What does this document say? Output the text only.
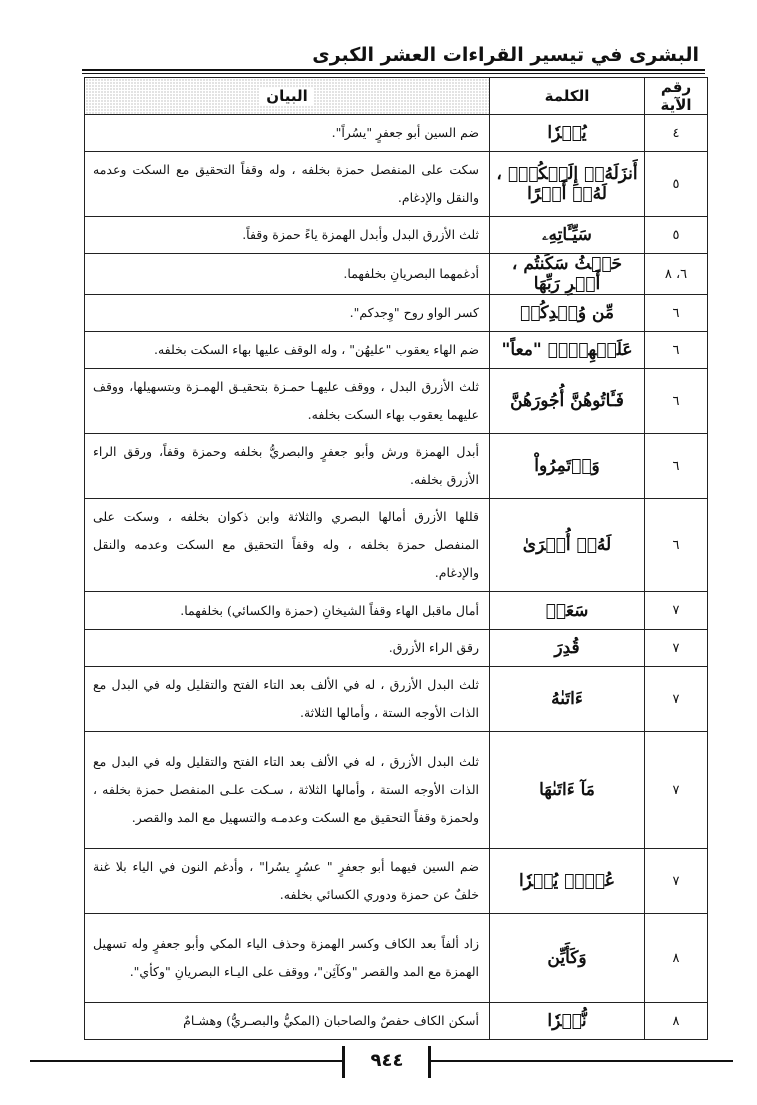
البشرى في تيسير القراءات العشر الكبرى
رقم الآية	الكلمة	البيان
٤	يُسۡرٗا	ضم السين أبو جعفرٍ "يسُراً".
٥	أَنزَلَهُۥٓ إِلَيۡكُمۡۚ ، لَهُۥٓ أَجۡرًا	سكت على المنفصل حمزة بخلفه ، وله وقفاً التحقيق مع السكت وعدمه والنقل والإدغام.
٥	سَيِّـَٔاتِهِۦ	ثلث الأزرق البدل وأبدل الهمزة ياءً حمزة وقفاً.
٦، ٨	حَيۡثُ سَكَنتُم ، أَمۡرِ رَبِّهَا	أدغمهما البصريانِ بخلفهما.
٦	مِّن وُجۡدِكُمۡ	كسر الواو روح "وِجدكم".
٦	عَلَيۡهِنَّۚ "معاً"	ضم الهاء يعقوب "عليهُن" ، وله الوقف عليها بهاء السكت بخلفه.
٦	فَـَٔاتُوهُنَّ أُجُورَهُنَّ	ثلث الأزرق البدل ، ووقف عليهـا حمـزة بتحقيـق الهمـزة وبتسهيلها، ووقف عليهما يعقوب بهاء السكت بخلفه.
٦	وَأۡتَمِرُواْ	أبدل الهمزة ورش وأبو جعفرٍ والبصريُّ بخلفه وحمزة وقفاً، ورقق الراء الأزرق بخلفه.
٦	لَهُۥٓ أُخۡرَىٰ	قللها الأزرق أمالها البصري والثلاثة وابن ذكوان بخلفه ، وسكت على المنفصل حمزة بخلفه ، وله وقفاً التحقيق مع السكت وعدمه والنقل والإدغام.
٧	سَعَةٖ	أمال ماقبل الهاء وقفاً الشيخانِ (حمزة والكسائي) بخلفهما.
٧	قُدِرَ	رقق الراء الأزرق.
٧	ءَاتَىٰهُ	ثلث البدل الأزرق ، له في الألف بعد التاء الفتح والتقليل وله في البدل مع الذات الأوجه الستة ، وأمالها الثلاثة.
٧	مَآ ءَاتَىٰهَا	ثلث البدل الأزرق ، له في الألف بعد التاء الفتح والتقليل وله في البدل مع الذات الأوجه الستة ، وأمالها الثلاثة ، سـكت علـى المنفصل حمزة بخلفه ، ولحمزة وقفاً التحقيق مع السكت وعدمـه والتسهيل مع المد والقصر.
٧	عُسۡرٖ يُسۡرٗا	ضم السين فيهما أبو جعفرٍ " عسُرٍ يسُرا" ، وأدغم النون في الياء بلا غنة خلفٌ عن حمزة ودوري الكسائي بخلفه.
٨	وَكَأَيِّن	زاد ألفاً بعد الكاف وكسر الهمزة وحذف الياء المكي وأبو جعفرٍ وله تسهيل الهمزة مع المد والقصر "وكآئِن"، ووقف على اليـاء البصريانِ "وكأي".
٨	نُّكۡرٗا	أسكن الكاف حفصٌ والصاحبان (المكيُّ والبصـريُّ) وهشـامٌ
٩٤٤
